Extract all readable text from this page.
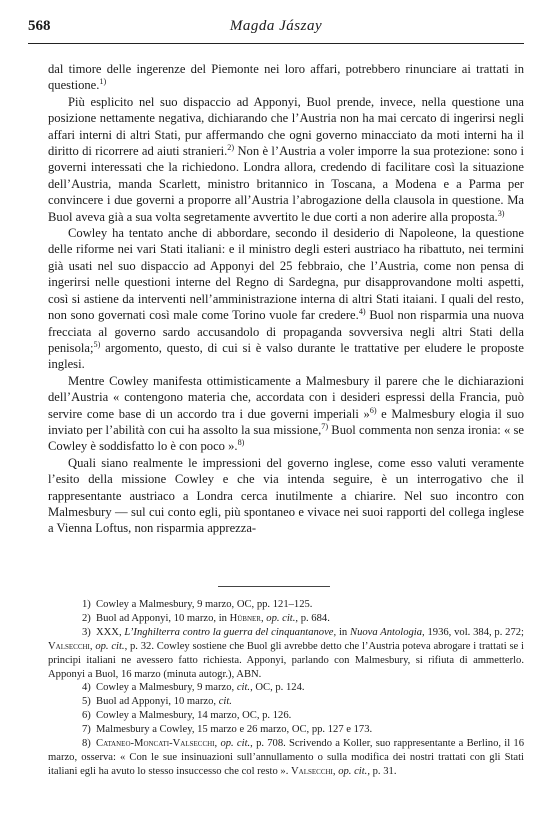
568	Magda Jászay

dal timore delle ingerenze del Piemonte nei loro affari, potrebbero rinunciare ai trattati in questione.$^{1)}$

Più esplicito nel suo dispaccio ad Apponyi, Buol prende, invece, nella questione una posizione nettamente negativa, dichiarando che l’Austria non ha mai cercato di ingerirsi negli affari interni di altri Stati, pur affermando che ogni governo minacciato da moti interni ha il diritto di ricorrere ad aiuti stranieri.$^{2)}$ Non è l’Austria a voler imporre la sua protezione: sono i governi interessati che la richiedono. Londra allora, credendo di facilitare così la situazione dell’Austria, manda Scarlett, ministro britannico in Toscana, a Modena e a Parma per convincere i due governi a proporre all’Austria l’abrogazione della clausola in questione. Ma Buol aveva già a sua volta segretamente avvertito le due corti a non aderire alla proposta.$^{3)}$

Cowley ha tentato anche di abbordare, secondo il desiderio di Napoleone, la questione delle riforme nei vari Stati italiani: e il ministro degli esteri austriaco ha ribattuto, nei termini già usati nel suo dispaccio ad Apponyi del 25 febbraio, che l’Austria, come non pensa di ingerirsi nelle questioni interne del Regno di Sardegna, pur disapprovandone molti aspetti, così si astiene da interventi nell’amministrazione interna di altri Stati itaiani. I quali del resto, non sono governati così male come Torino vuole far credere.$^{4)}$ Buol non risparmia una nuova frecciata al governo sardo accusandolo di propaganda sovversiva negli altri Stati della penisola;$^{5)}$ argomento, questo, di cui si è valso durante le trattative per eludere le proposte inglesi.

Mentre Cowley manifesta ottimisticamente a Malmesbury il parere che le dichiarazioni dell’Austria « contengono materia che, accordata con i desideri espressi della Francia, può servire come base di un accordo tra i due governi imperiali »$^{6)}$ e Malmesbury elogia il suo inviato per l’abilità con cui ha assolto la sua missione,$^{7)}$ Buol commenta non senza ironia: « se Cowley è soddisfatto lo è con poco ».$^{8)}$

Quali siano realmente le impressioni del governo inglese, come esso valuti veramente l’esito della missione Cowley e che via intenda seguire, è un interrogativo che il rappresentante austriaco a Londra cerca inutilmente a chiarire. Nel suo incontro con Malmesbury — sul cui conto egli, più spontaneo e vivace nei suoi rapporti del collega inglese a Vienna Loftus, non risparmia apprezza-

1) Cowley a Malmesbury, 9 marzo, OC, pp. 121–125.

2) Buol ad Apponyi, 10 marzo, in Hübner, op. cit., p. 684.

3) XXX, L’Inghilterra contro la guerra del cinquantanove, in Nuova Antologia, 1936, vol. 384, p. 272; Valsecchi, op. cit., p. 32. Cowley sostiene che Buol gli avrebbe detto che l’Austria poteva abrogare i trattati se i principi italiani ne avessero fatto richiesta. Apponyi, parlando con Malmesbury, si rifiuta di ammetterlo. Apponyi a Buol, 16 marzo (minuta autogr.), ABN.

4) Cowley a Malmesbury, 9 marzo, cit., OC, p. 124.

5) Buol ad Apponyi, 10 marzo, cit.

6) Cowley a Malmesbury, 14 marzo, OC, p. 126.

7) Malmesbury a Cowley, 15 marzo e 26 marzo, OC, pp. 127 e 173.

8) Cataneo-Moncati-Valsecchi, op. cit., p. 708. Scrivendo a Koller, suo rappresentante a Berlino, il 16 marzo, osserva: « Con le sue insinuazioni sull’annullamento o sulla modifica dei nostri trattati con gli Stati italiani egli ha avuto lo stesso insuccesso che col resto ». Valsecchi, op. cit., p. 31.
